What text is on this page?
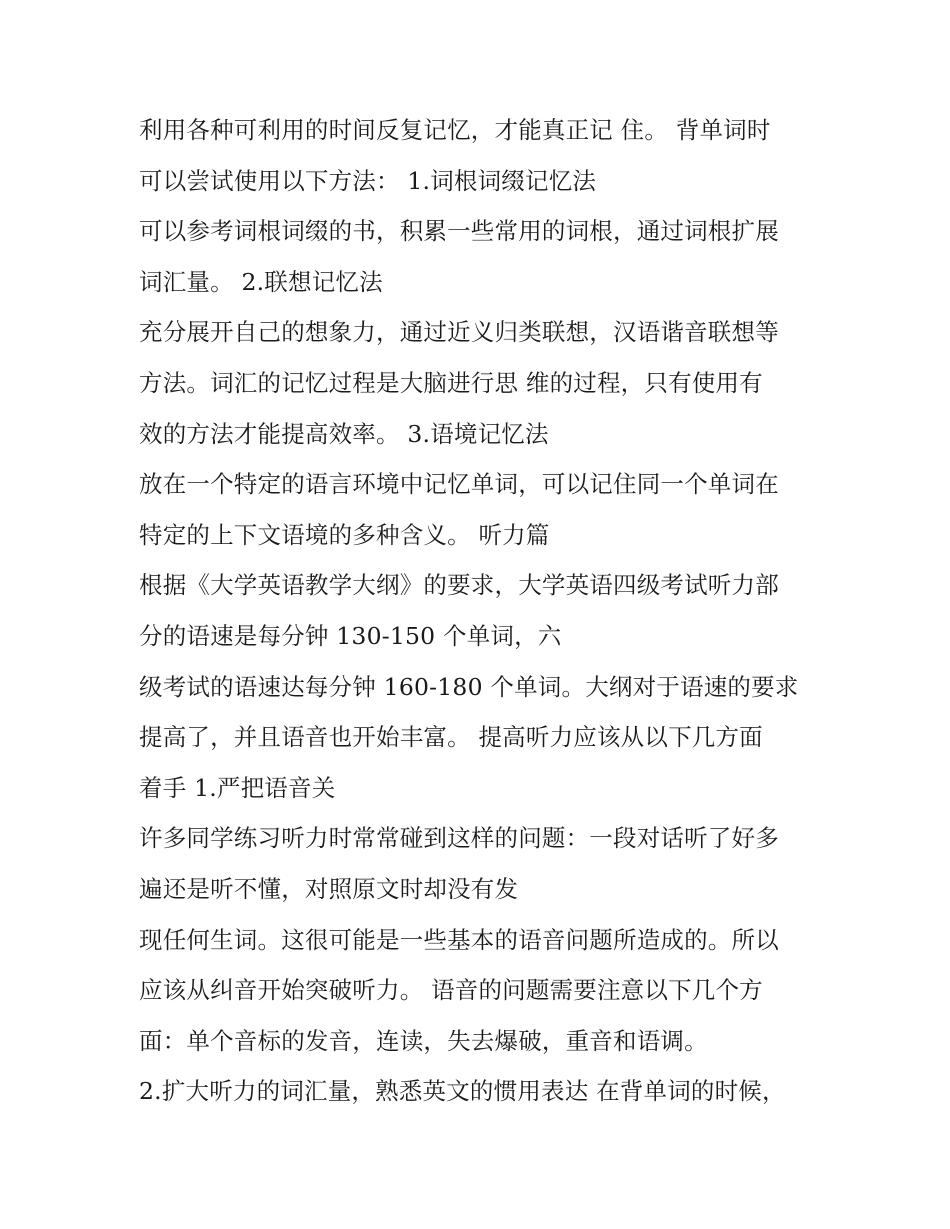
利用各种可利用的时间反复记忆，才能真正记 住。 背单词时
可以尝试使用以下方法： 1.词根词缀记忆法
可以参考词根词缀的书，积累一些常用的词根，通过词根扩展
词汇量。 2.联想记忆法
充分展开自己的想象力，通过近义归类联想，汉语谐音联想等
方法。词汇的记忆过程是大脑进行思 维的过程，只有使用有
效的方法才能提高效率。 3.语境记忆法
放在一个特定的语言环境中记忆单词，可以记住同一个单词在
特定的上下文语境的多种含义。 听力篇
根据《大学英语教学大纲》的要求，大学英语四级考试听力部
分的语速是每分钟 130-150 个单词，六
级考试的语速达每分钟 160-180 个单词。大纲对于语速的要求
提高了，并且语音也开始丰富。 提高听力应该从以下几方面
着手 1.严把语音关
许多同学练习听力时常常碰到这样的问题：一段对话听了好多
遍还是听不懂，对照原文时却没有发
现任何生词。这很可能是一些基本的语音问题所造成的。所以
应该从纠音开始突破听力。 语音的问题需要注意以下几个方
面：单个音标的发音，连读，失去爆破，重音和语调。
2.扩大听力的词汇量，熟悉英文的惯用表达 在背单词的时候，
